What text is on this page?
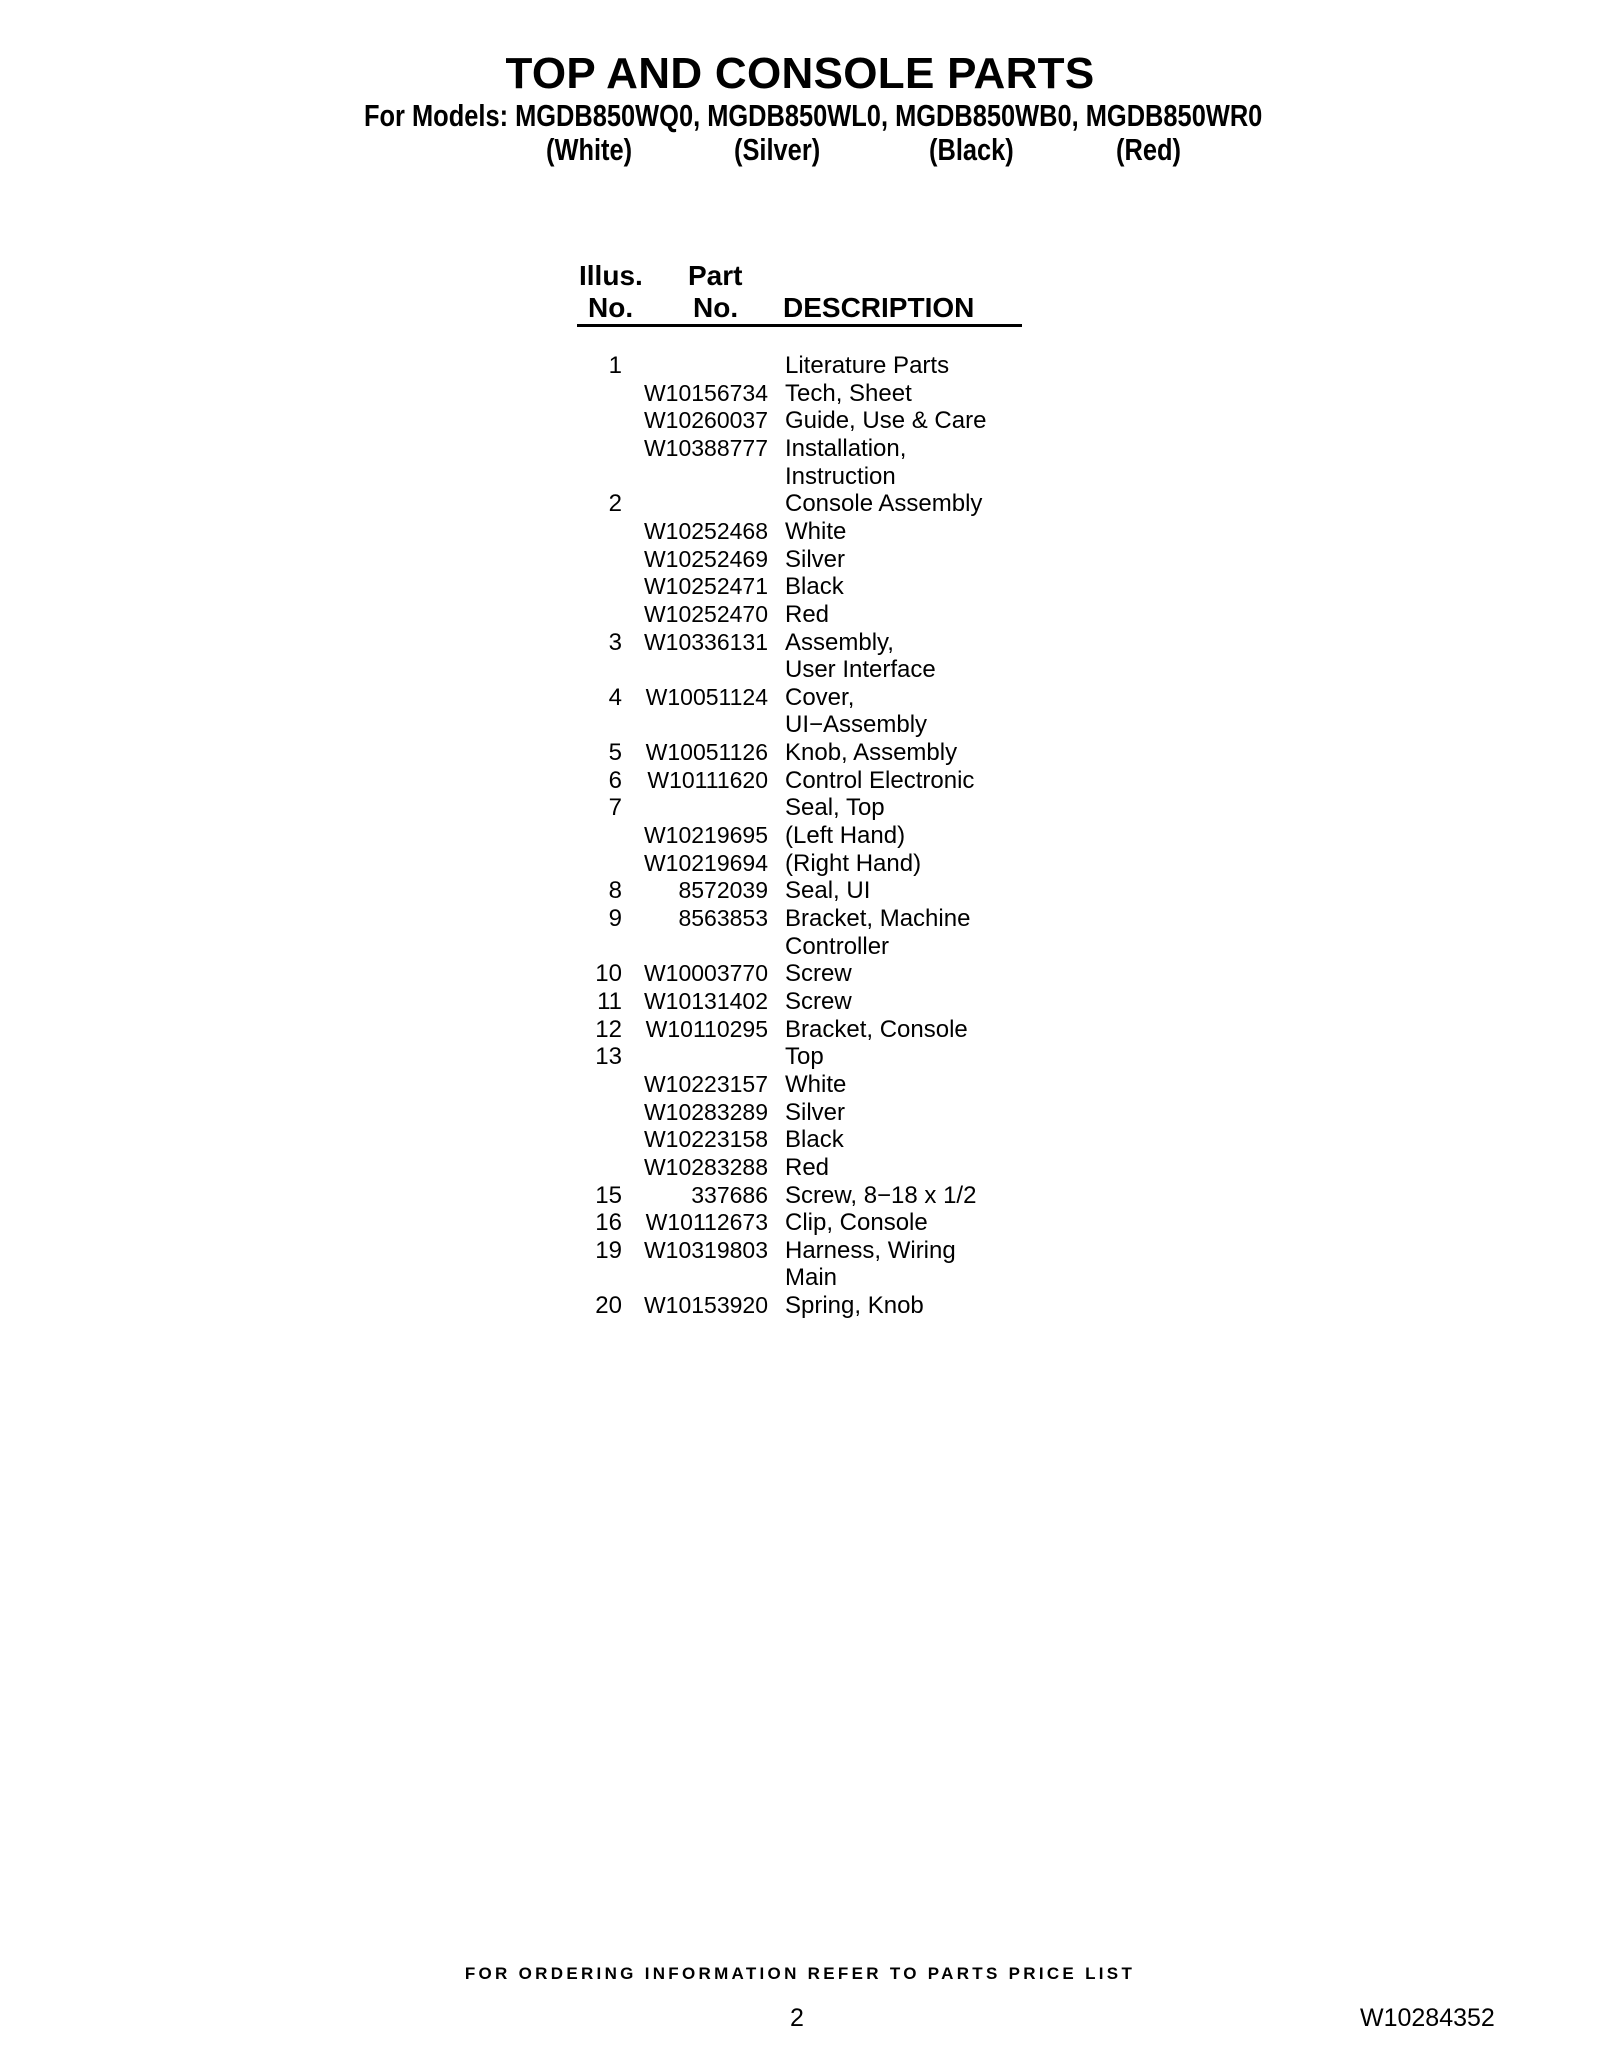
TOP AND CONSOLE PARTS
For Models: MGDB850WQ0, MGDB850WL0, MGDB850WB0, MGDB850WR0
(White)	(Silver)	(Black)	(Red)
Illus.
No.
Part
No. DESCRIPTION
1	Literature Parts
W10156734 Tech, Sheet
W10260037 Guide, Use & Care
W10388777 Installation,
Instruction
2	Console Assembly
W10252468 White
W10252469 Silver
W10252471 Black
W10252470 Red
3 W10336131 Assembly,
User Interface
4	W10051124 Cover,
UI−Assembly
5	W10051126 Knob, Assembly
6	W10111620 Control Electronic
7	Seal, Top
W10219695 (Left Hand)
W10219694 (Right Hand)
8	8572039 Seal, UI
9	8563853 Bracket, Machine
Controller
10 W10003770 Screw
11 W10131402 Screw
12	W10110295 Bracket, Console
13	Top
W10223157 White
W10283289 Silver
W10223158 Black
W10283288 Red
15	337686 Screw, 8−18 x 1/2
16	W10112673 Clip, Console
19 W10319803 Harness, Wiring
Main
20 W10153920 Spring, Knob
FOR ORDERING INFORMATION REFER TO PARTS PRICE LIST
2	W10284352
